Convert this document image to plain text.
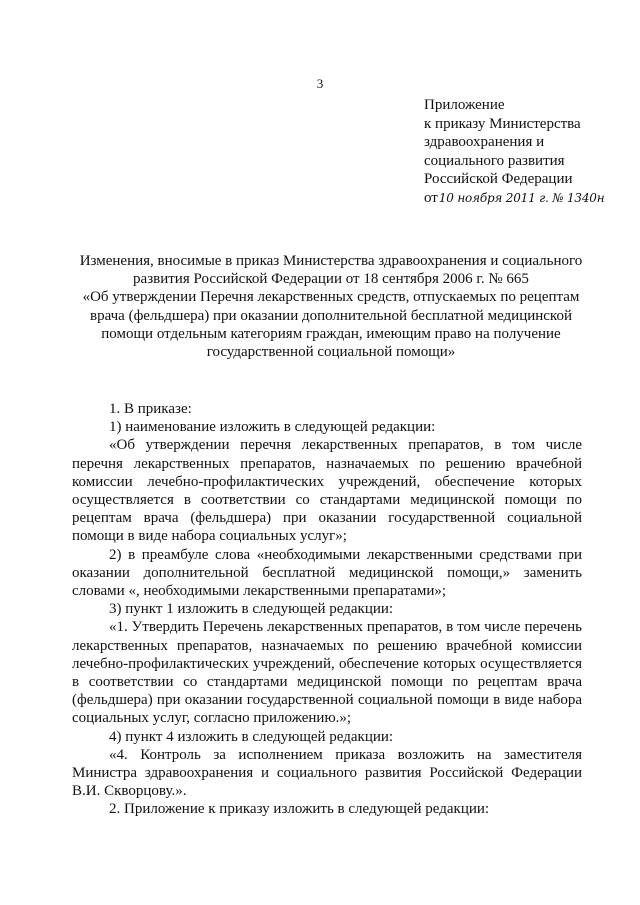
3
Приложение
к приказу Министерства
здравоохранения и
социального развития
Российской Федерации
от10 ноября 2011 г. № 1340н
Изменения, вносимые в приказ Министерства здравоохранения и социального
развития Российской Федерации от 18 сентября 2006 г. № 665
«Об утверждении Перечня лекарственных средств, отпускаемых по рецептам
врача (фельдшера) при оказании дополнительной бесплатной медицинской
помощи отдельным категориям граждан, имеющим право на получение
государственной социальной помощи»
1. В приказе:
1) наименование изложить в следующей редакции:
«Об утверждении перечня лекарственных препаратов, в том числе перечня лекарственных препаратов, назначаемых по решению врачебной комиссии лечебно-профилактических учреждений, обеспечение которых осуществляется в соответствии со стандартами медицинской помощи по рецептам врача (фельдшера) при оказании государственной социальной помощи в виде набора социальных услуг»;
2) в преамбуле слова «необходимыми лекарственными средствами при оказании дополнительной бесплатной медицинской помощи,» заменить словами «, необходимыми лекарственными препаратами»;
3) пункт 1 изложить в следующей редакции:
«1. Утвердить Перечень лекарственных препаратов, в том числе перечень лекарственных препаратов, назначаемых по решению врачебной комиссии лечебно-профилактических учреждений, обеспечение которых осуществляется в соответствии со стандартами медицинской помощи по рецептам врача (фельдшера) при оказании государственной социальной помощи в виде набора социальных услуг, согласно приложению.»;
4) пункт 4 изложить в следующей редакции:
«4. Контроль за исполнением приказа возложить на заместителя Министра здравоохранения и социального развития Российской Федерации В.И. Скворцову.».
2. Приложение к приказу изложить в следующей редакции:
